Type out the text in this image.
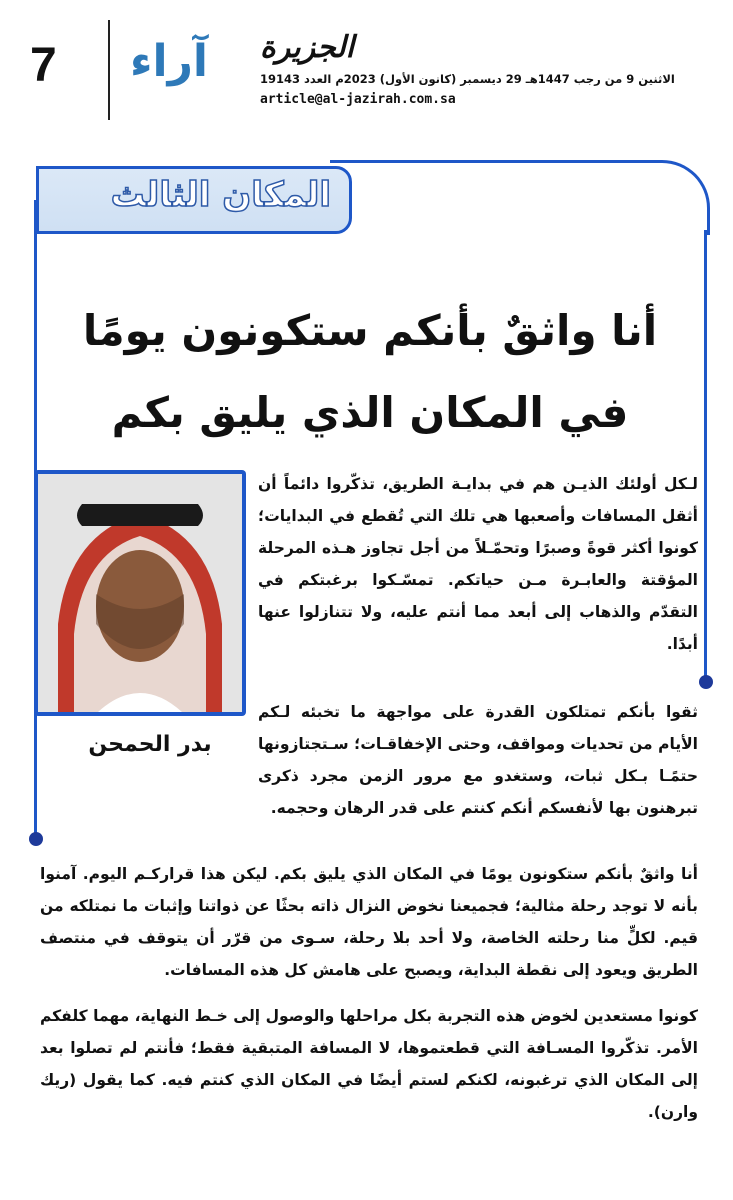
7 آراء الجزيرة
الاثنين 9 من رجب 1447هـ 29 ديسمبر (كانون الأول) 2023م العدد 19143
article@al-jazirah.com.sa
المكان الثالث
أنا واثقٌ بأنكم ستكونون يومًا
في المكان الذي يليق بكم
بدر الحمحن
لـكل أولئك الذيـن هم في بدايـة الطريق، تذكّروا دائماً أن أثقل المسافات وأصعبها هي تلك التي تُقطع في البدايات؛ كونوا أكثر قوةً وصبرًا وتحمّـلاً من أجل تجاوز هـذه المرحلة المؤقتة والعابـرة مـن حياتكم. تمسّـكوا برغبتكم في التقدّم والذهاب إلى أبعد مما أنتم عليه، ولا تتنازلوا عنها أبدًا.
ثقوا بأنكم تمتلكون القدرة على مواجهة ما تخبئه لـكم الأيام من تحديات ومواقف، وحتى الإخفاقـات؛ سـتجتازونها حتمًـا بـكل ثبات، وستغدو مع مرور الزمن مجرد ذكرى تبرهنون بها لأنفسكم أنكم كنتم على قدر الرهان وحجمه.
أنا واثقٌ بأنكم ستكونون يومًا في المكان الذي يليق بكم. ليكن هذا قراركـم اليوم. آمنوا بأنه لا توجد رحلة مثالية؛ فجميعنا نخوض النزال ذاته بحثًا عن ذواتنا وإثبات ما نمتلكه من قيم. لكلٍّ منا رحلته الخاصة، ولا أحد بلا رحلة، سـوى من قرّر أن يتوقف في منتصف الطريق ويعود إلى نقطة البداية، ويصبح على هامش كل هذه المسافات.
كونوا مستعدين لخوض هذه التجربة بكل مراحلها والوصول إلى خـط النهاية، مهما كلفكم الأمر. تذكّروا المسـافة التي قطعتموها، لا المسافة المتبقية فقط؛ فأنتم لم تصلوا بعد إلى المكان الذي ترغبونه، لكنكم لستم أيضًا في المكان الذي كنتم فيه. كما يقول (ريك وارن).
